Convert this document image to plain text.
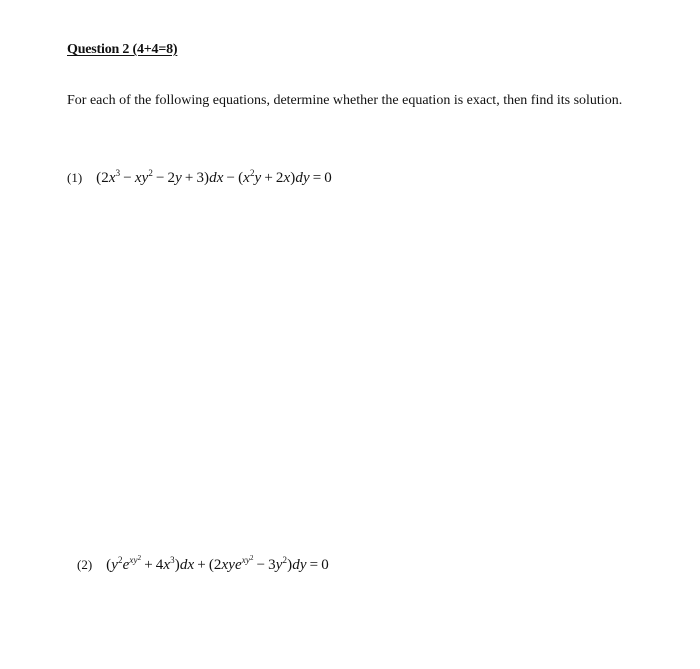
Question 2 (4+4=8)
For each of the following equations, determine whether the equation is exact, then find its solution.
(1) $(2x^3 - xy^2 - 2y + 3)dx - (x^2y + 2x)dy = 0$
(2) $(y^2e^{xy^2} + 4x^3)dx + (2xye^{xy^2} - 3y^2)dy = 0$
